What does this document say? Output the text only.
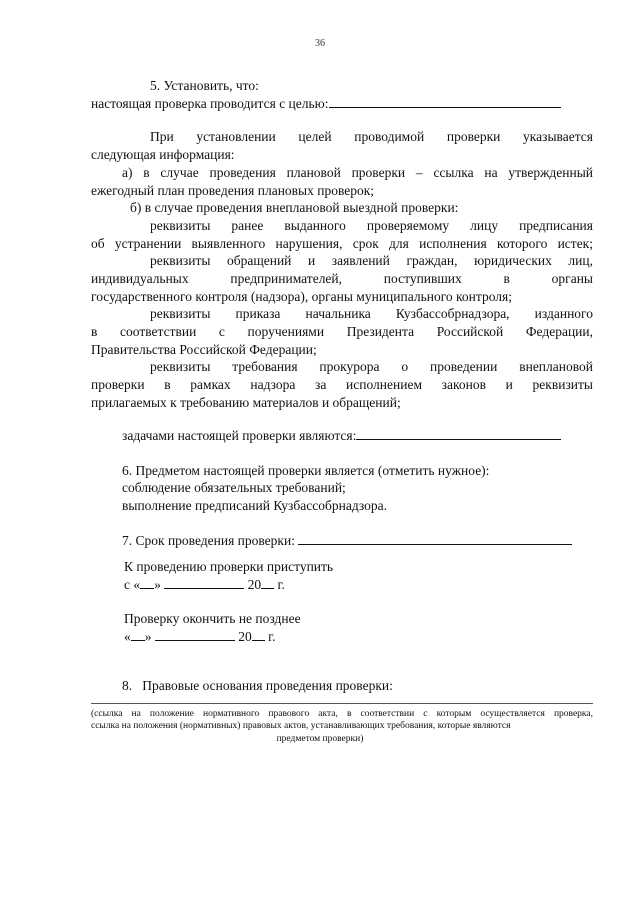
36
5. Установить, что:
настоящая проверка проводится с целью:
При установлении целей проводимой проверки указывается
следующая информация:
а) в случае проведения плановой проверки – ссылка на утвержденный
ежегодный план проведения плановых проверок;
б) в случае проведения внеплановой выездной проверки:
реквизиты ранее выданного проверяемому лицу предписания
об устранении выявленного нарушения, срок для исполнения которого истек;
реквизиты обращений и заявлений граждан, юридических лиц,
индивидуальных предпринимателей, поступивших в органы
государственного контроля (надзора), органы муниципального контроля;
реквизиты приказа начальника Кузбассобрнадзора, изданного
в соответствии с поручениями Президента Российской Федерации,
Правительства Российской Федерации;
реквизиты требования прокурора о проведении внеплановой
проверки в рамках надзора за исполнением законов и реквизиты
прилагаемых к требованию материалов и обращений;
задачами настоящей проверки являются:
6. Предметом настоящей проверки является (отметить нужное):
соблюдение обязательных требований;
выполнение предписаний Кузбассобрнадзора.
7. Срок проведения проверки:
К проведению проверки приступить
с « »	20 г.
Проверку окончить не позднее
« »	20 г.
8. Правовые основания проведения проверки:
(ссылка на положение нормативного правового акта, в соответствии с которым осуществляется проверка,
ссылка на положения (нормативных) правовых актов, устанавливающих требования, которые являются
предметом проверки)
